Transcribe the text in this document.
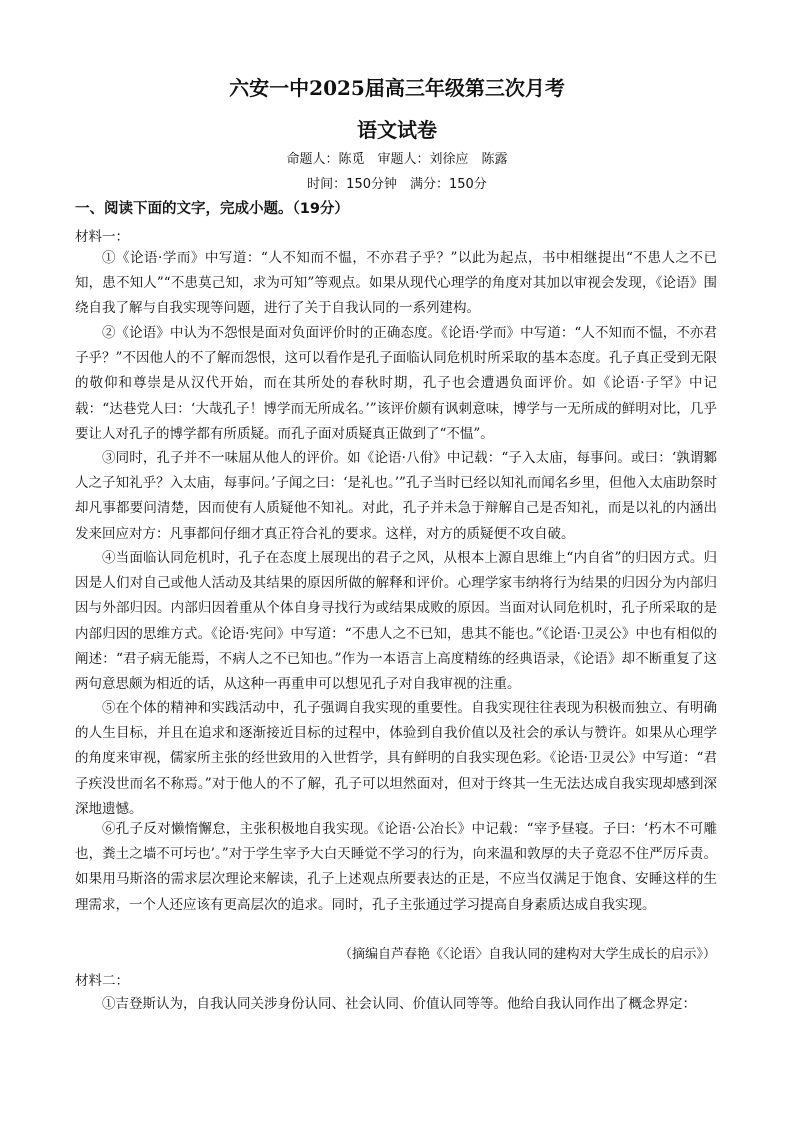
六安一中2025届高三年级第三次月考
语文试卷
命题人：陈觅　审题人：刘徐应　陈露
时间：150分钟　满分：150分
一、阅读下面的文字，完成小题。（19分）
材料一：

①《论语·学而》中写道：“人不知而不愠，不亦君子乎？”以此为起点，书中相继提出“不患人之不已知，患不知人”“不患莫己知，求为可知”等观点。如果从现代心理学的角度对其加以审视会发现，《论语》围绕自我了解与自我实现等问题，进行了关于自我认同的一系列建构。

②《论语》中认为不怨恨是面对负面评价时的正确态度。《论语·学而》中写道：“人不知而不愠，不亦君子乎？”不因他人的不了解而怨恨，这可以看作是孔子面临认同危机时所采取的基本态度。孔子真正受到无限的敬仰和尊崇是从汉代开始，而在其所处的春秋时期，孔子也会遭遇负面评价。如《论语·子罕》中记载：“达巷党人曰：‘大哉孔子！博学而无所成名。’”该评价颇有讽刺意味，博学与一无所成的鲜明对比，几乎要让人对孔子的博学都有所质疑。而孔子面对质疑真正做到了“不愠”。

③同时，孔子并不一味屈从他人的评价。如《论语·八佾》中记载：“子入太庙，每事问。或曰：‘孰谓鄹人之子知礼乎？入太庙，每事问。’子闻之曰：‘是礼也。’”孔子当时已经以知礼而闻名乡里，但他入太庙助祭时却凡事都要问清楚，因而使有人质疑他不知礼。对此，孔子并未急于辩解自己是否知礼，而是以礼的内涵出发来回应对方：凡事都问仔细才真正符合礼的要求。这样，对方的质疑便不攻自破。

④当面临认同危机时，孔子在态度上展现出的君子之风，从根本上源自思维上“内自省”的归因方式。归因是人们对自己或他人活动及其结果的原因所做的解释和评价。心理学家韦纳将行为结果的归因分为内部归因与外部归因。内部归因着重从个体自身寻找行为或结果成败的原因。当面对认同危机时，孔子所采取的是内部归因的思维方式。《论语·宪问》中写道：“不患人之不已知，患其不能也。”《论语·卫灵公》中也有相似的阐述：“君子病无能焉，不病人之不已知也。”作为一本语言上高度精练的经典语录，《论语》却不断重复了这两句意思颇为相近的话，从这种一再重申可以想见孔子对自我审视的注重。

⑤在个体的精神和实践活动中，孔子强调自我实现的重要性。自我实现往往表现为积极而独立、有明确的人生目标，并且在追求和逐渐接近目标的过程中，体验到自我价值以及社会的承认与赞许。如果从心理学的角度来审视，儒家所主张的经世致用的入世哲学，具有鲜明的自我实现色彩。《论语·卫灵公》中写道：“君子疾没世而名不称焉。”对于他人的不了解，孔子可以坦然面对，但对于终其一生无法达成自我实现却感到深深地遗憾。

⑥孔子反对懒惰懈怠，主张积极地自我实现。《论语·公冶长》中记载：“宰予昼寝。子曰：‘朽木不可雕也，粪土之墙不可圬也’。”对于学生宰予大白天睡觉不学习的行为，向来温和敦厚的夫子竟忍不住严厉斥责。如果用马斯洛的需求层次理论来解读，孔子上述观点所要表达的正是，不应当仅满足于饱食、安睡这样的生理需求，一个人还应该有更高层次的追求。同时，孔子主张通过学习提高自身素质达成自我实现。

（摘编自芦春艳《〈论语〉自我认同的建构对大学生成长的启示》）
材料二：

①吉登斯认为，自我认同关涉身份认同、社会认同、价值认同等等。他给自我认同作出了概念界定：
